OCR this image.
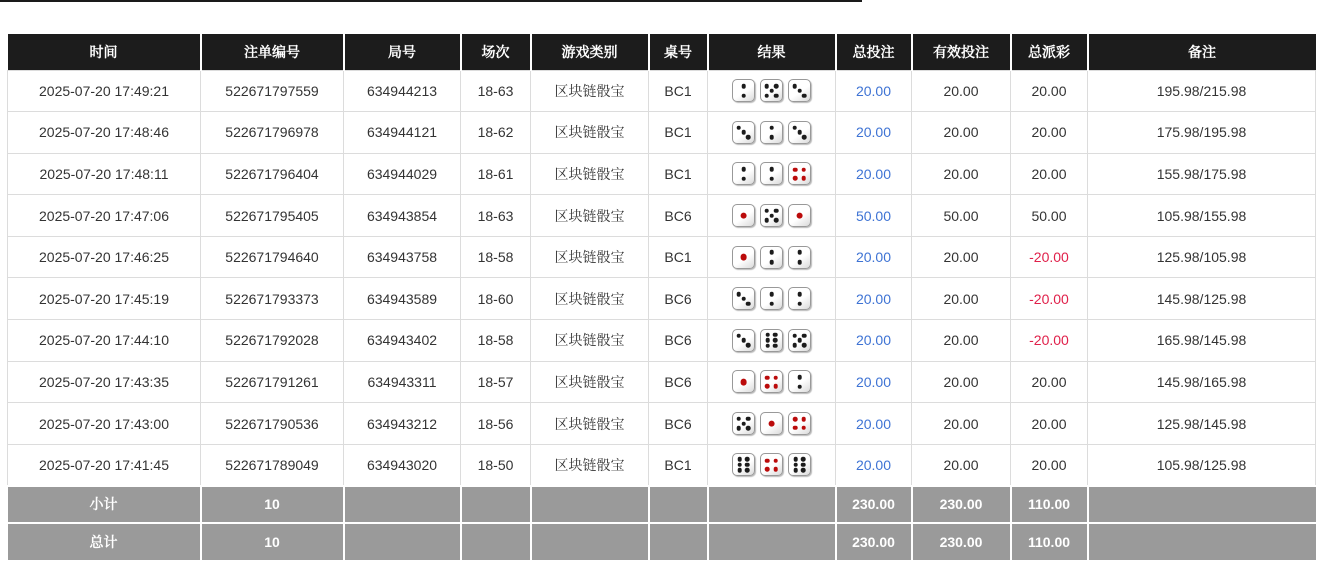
时间	注单编号	局号	场次	游戏类别	桌号	结果	总投注	有效投注	总派彩	备注
2025-07-20 17:49:21	522671797559	634944213	18-63	区块链骰宝	BC1		20.00	20.00	20.00	195.98/215.98
2025-07-20 17:48:46	522671796978	634944121	18-62	区块链骰宝	BC1		20.00	20.00	20.00	175.98/195.98
2025-07-20 17:48:11	522671796404	634944029	18-61	区块链骰宝	BC1		20.00	20.00	20.00	155.98/175.98
2025-07-20 17:47:06	522671795405	634943854	18-63	区块链骰宝	BC6		50.00	50.00	50.00	105.98/155.98
2025-07-20 17:46:25	522671794640	634943758	18-58	区块链骰宝	BC1		20.00	20.00	-20.00	125.98/105.98
2025-07-20 17:45:19	522671793373	634943589	18-60	区块链骰宝	BC6		20.00	20.00	-20.00	145.98/125.98
2025-07-20 17:44:10	522671792028	634943402	18-58	区块链骰宝	BC6		20.00	20.00	-20.00	165.98/145.98
2025-07-20 17:43:35	522671791261	634943311	18-57	区块链骰宝	BC6		20.00	20.00	20.00	145.98/165.98
2025-07-20 17:43:00	522671790536	634943212	18-56	区块链骰宝	BC6		20.00	20.00	20.00	125.98/145.98
2025-07-20 17:41:45	522671789049	634943020	18-50	区块链骰宝	BC1		20.00	20.00	20.00	105.98/125.98
小计	10						230.00	230.00	110.00	
总计	10						230.00	230.00	110.00	
